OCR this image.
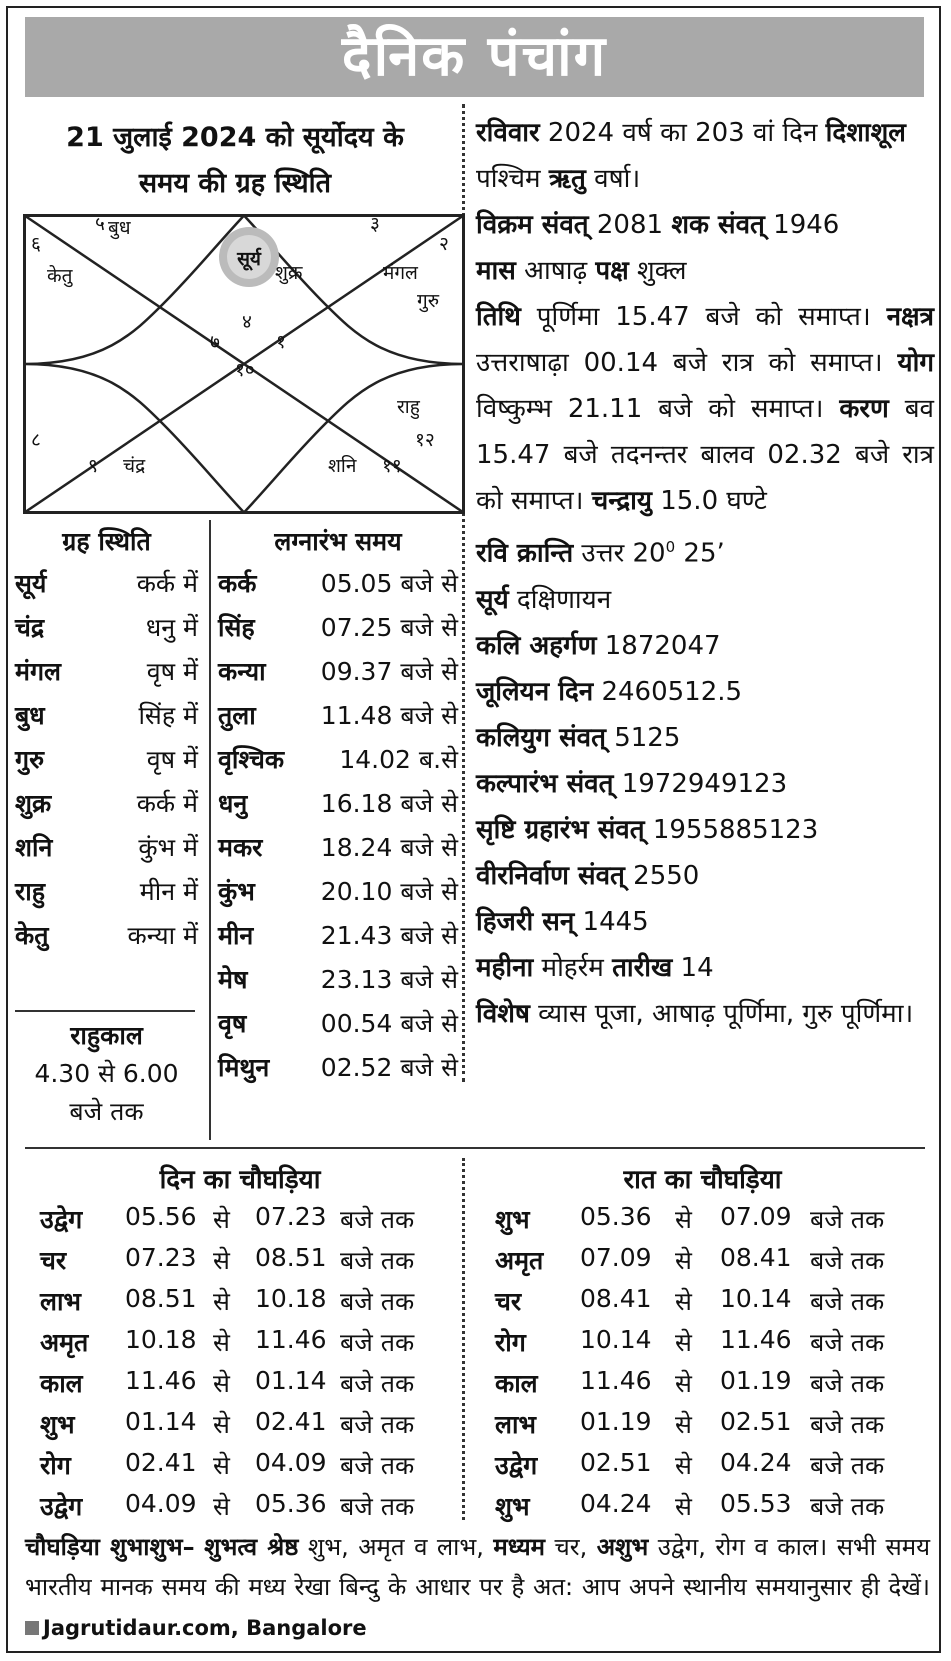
दैनिक पंचांग
21 जुलाई 2024 को सूर्योदय के
समय की ग्रह स्थिति
सूर्य
५
६
३
२
४
७	१
१०
८
९	११
१२
बुध
केतु	शुक्र	मंगल
गुरु
राहु
चंद्र	शनि
ग्रह स्थिति
सूर्य	कर्क में
चंद्र	धनु में
मंगल	वृष में
बुध	सिंह में
गुरु	वृष में
शुक्र	कर्क में
शनि	कुंभ में
राहु	मीन में
केतु	कन्या में
राहुकाल
4.30 से 6.00
बजे तक
लग्नारंभ समय
कर्क	05.05 बजे से
सिंह	07.25 बजे से
कन्या 09.37 बजे से
तुला	11.48 बजे से
वृश्चिक 14.02 ब.से
धनु	16.18 बजे से
मकर 18.24 बजे से
कुंभ	20.10 बजे से
मीन	21.43 बजे से
मेष	23.13 बजे से
वृष	00.54 बजे से
मिथुन 02.52 बजे से

रविवार 2024 वर्ष का 203 वां दिन दिशाशूल पश्चिम ऋतु वर्षा।

विक्रम संवत् 2081 शक संवत् 1946

मास आषाढ़ पक्ष शुक्ल

तिथि पूर्णिमा 15.47 बजे को समाप्त। नक्षत्र उत्तराषाढ़ा 00.14 बजे रात्र को समाप्त। योग विष्कुम्भ 21.11 बजे को समाप्त। करण बव 15.47 बजे तदनन्तर बालव 02.32 बजे रात्र को समाप्त। चन्द्रायु 15.0 घण्टे

रवि क्रान्ति उत्तर $20^0$ 25’

सूर्य दक्षिणायन

कलि अहर्गण 1872047

जूलियन दिन 2460512.5

कलियुग संवत् 5125

कल्पारंभ संवत् 1972949123

सृष्टि ग्रहारंभ संवत् 1955885123

वीरनिर्वाण संवत् 2550

हिजरी सन् 1445

महीना मोहर्रम तारीख 14

विशेष व्यास पूजा, आषाढ़ पूर्णिमा, गुरु पूर्णिमा।

दिन का चौघड़िया	रात का चौघड़िया
उद्वेग 05.56 से 07.23 बजे तक
चर 07.23 से 08.51 बजे तक
लाभ 08.51 से 10.18 बजे तक
अमृत 10.18 से 11.46 बजे तक
काल 11.46 से 01.14 बजे तक
शुभ 01.14 से 02.41 बजे तक
रोग 02.41 से 04.09 बजे तक
उद्वेग 04.09 से 05.36 बजे तक
शुभ 05.36 से 07.09 बजे तक
अमृत 07.09 से 08.41 बजे तक
चर 08.41 से 10.14 बजे तक
रोग 10.14 से 11.46 बजे तक
काल 11.46 से 01.19 बजे तक
लाभ 01.19 से 02.51 बजे तक
उद्वेग 02.51 से 04.24 बजे तक
शुभ 04.24 से 05.53 बजे तक
चौघड़िया शुभाशुभ– शुभत्व श्रेष्ठ शुभ, अमृत व लाभ, मध्यम चर, अशुभ उद्वेग, रोग व काल। सभी समय भारतीय मानक समय की मध्य रेखा बिन्दु के आधार पर है अत: आप अपने स्थानीय समयानुसार ही देखें। Jagrutidaur.com, Bangalore
